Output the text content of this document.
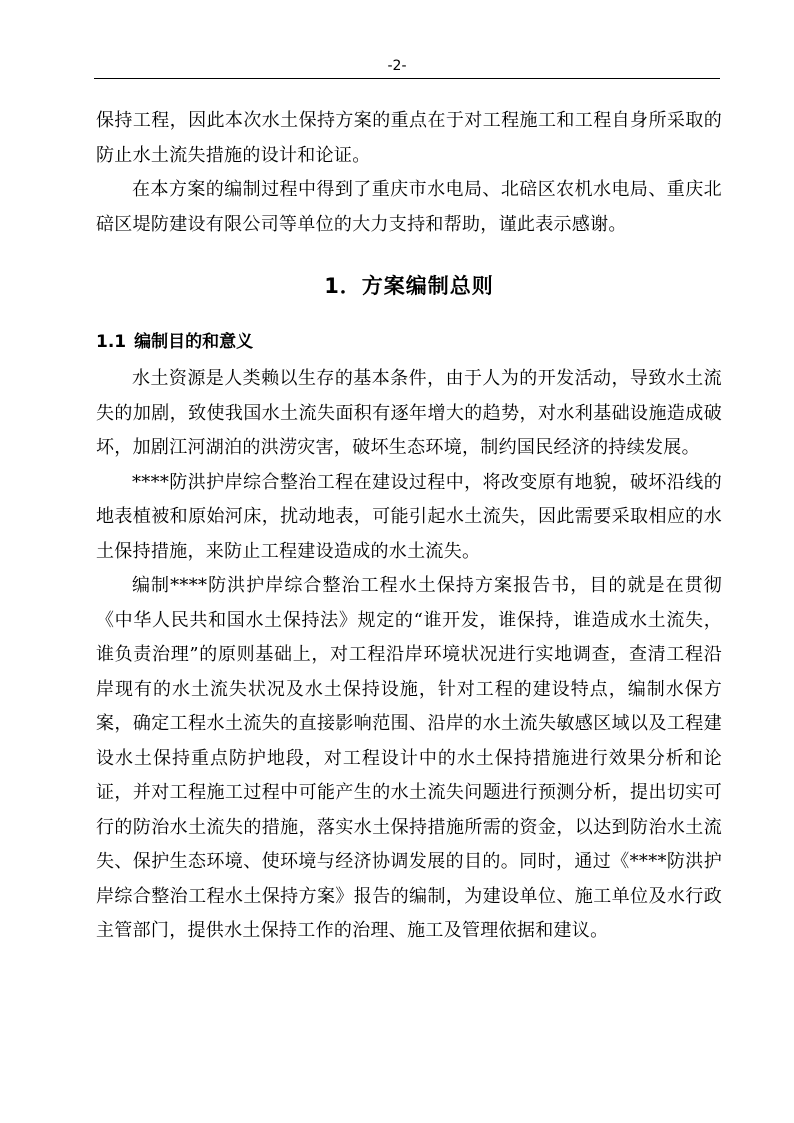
-2-

保持工程，因此本次水土保持方案的重点在于对工程施工和工程自身所采取的防止水土流失措施的设计和论证。

在本方案的编制过程中得到了重庆市水电局、北碚区农机水电局、重庆北碚区堤防建设有限公司等单位的大力支持和帮助，谨此表示感谢。

1．方案编制总则
1.1 编制目的和意义

水土资源是人类赖以生存的基本条件，由于人为的开发活动，导致水土流失的加剧，致使我国水土流失面积有逐年增大的趋势，对水利基础设施造成破坏，加剧江河湖泊的洪涝灾害，破坏生态环境，制约国民经济的持续发展。

****防洪护岸综合整治工程在建设过程中，将改变原有地貌，破坏沿线的地表植被和原始河床，扰动地表，可能引起水土流失，因此需要采取相应的水土保持措施，来防止工程建设造成的水土流失。

编制****防洪护岸综合整治工程水土保持方案报告书，目的就是在贯彻《中华人民共和国水土保持法》规定的“谁开发，谁保持，谁造成水土流失，谁负责治理”的原则基础上，对工程沿岸环境状况进行实地调查，查清工程沿岸现有的水土流失状况及水土保持设施，针对工程的建设特点，编制水保方案，确定工程水土流失的直接影响范围、沿岸的水土流失敏感区域以及工程建设水土保持重点防护地段，对工程设计中的水土保持措施进行效果分析和论证，并对工程施工过程中可能产生的水土流失问题进行预测分析，提出切实可行的防治水土流失的措施，落实水土保持措施所需的资金，以达到防治水土流失、保护生态环境、使环境与经济协调发展的目的。同时，通过《****防洪护岸综合整治工程水土保持方案》报告的编制，为建设单位、施工单位及水行政主管部门，提供水土保持工作的治理、施工及管理依据和建议。
